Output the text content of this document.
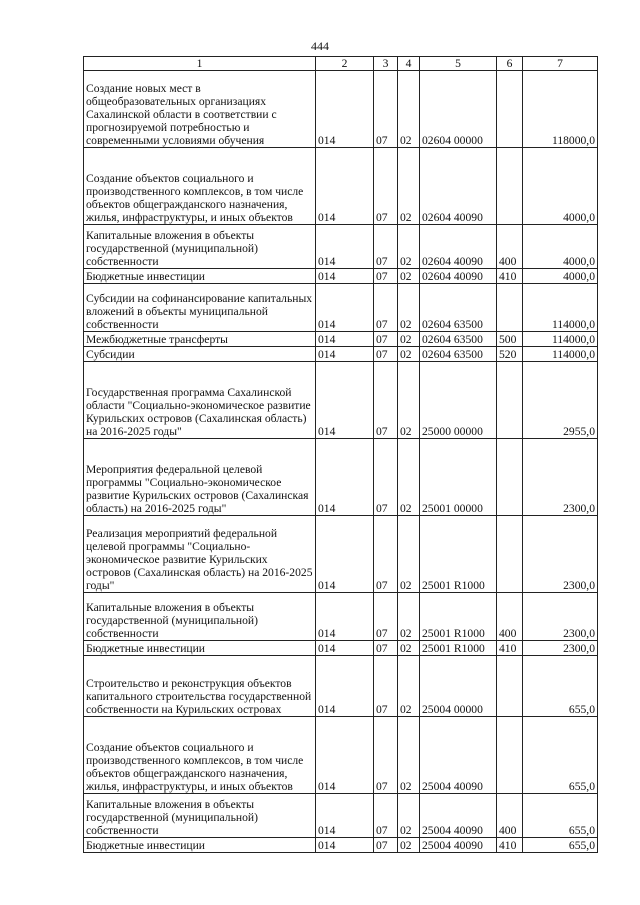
444
1	2	3	4	5	6	7
Создание новых мест в общеобразовательных организациях Сахалинской области в соответствии с прогнозируемой потребностью и современными условиями обучения	014	07	02	02604 00000		118000,0
Создание объектов социального и производственного комплексов, в том числе объектов общегражданского назначения, жилья, инфраструктуры, и иных объектов	014	07	02	02604 40090		4000,0
Капитальные вложения в объекты государственной (муниципальной) собственности	014	07	02	02604 40090	400	4000,0
Бюджетные инвестиции	014	07	02	02604 40090	410	4000,0
Субсидии на софинансирование капитальных вложений в объекты муниципальной собственности	014	07	02	02604 63500		114000,0
Межбюджетные трансферты	014	07	02	02604 63500	500	114000,0
Субсидии	014	07	02	02604 63500	520	114000,0
Государственная программа Сахалинской области "Социально-экономическое развитие Курильских островов (Сахалинская область) на 2016-2025 годы"	014	07	02	25000 00000		2955,0
Мероприятия федеральной целевой программы "Социально-экономическое развитие Курильских островов (Сахалинская область) на 2016-2025 годы"	014	07	02	25001 00000		2300,0
Реализация мероприятий федеральной целевой программы "Социально-экономическое развитие Курильских островов (Сахалинская область) на 2016-2025 годы"	014	07	02	25001 R1000		2300,0
Капитальные вложения в объекты государственной (муниципальной) собственности	014	07	02	25001 R1000	400	2300,0
Бюджетные инвестиции	014	07	02	25001 R1000	410	2300,0
Строительство и реконструкция объектов капитального строительства государственной собственности на Курильских островах	014	07	02	25004 00000		655,0
Создание объектов социального и производственного комплексов, в том числе объектов общегражданского назначения, жилья, инфраструктуры, и иных объектов	014	07	02	25004 40090		655,0
Капитальные вложения в объекты государственной (муниципальной) собственности	014	07	02	25004 40090	400	655,0
Бюджетные инвестиции	014	07	02	25004 40090	410	655,0
